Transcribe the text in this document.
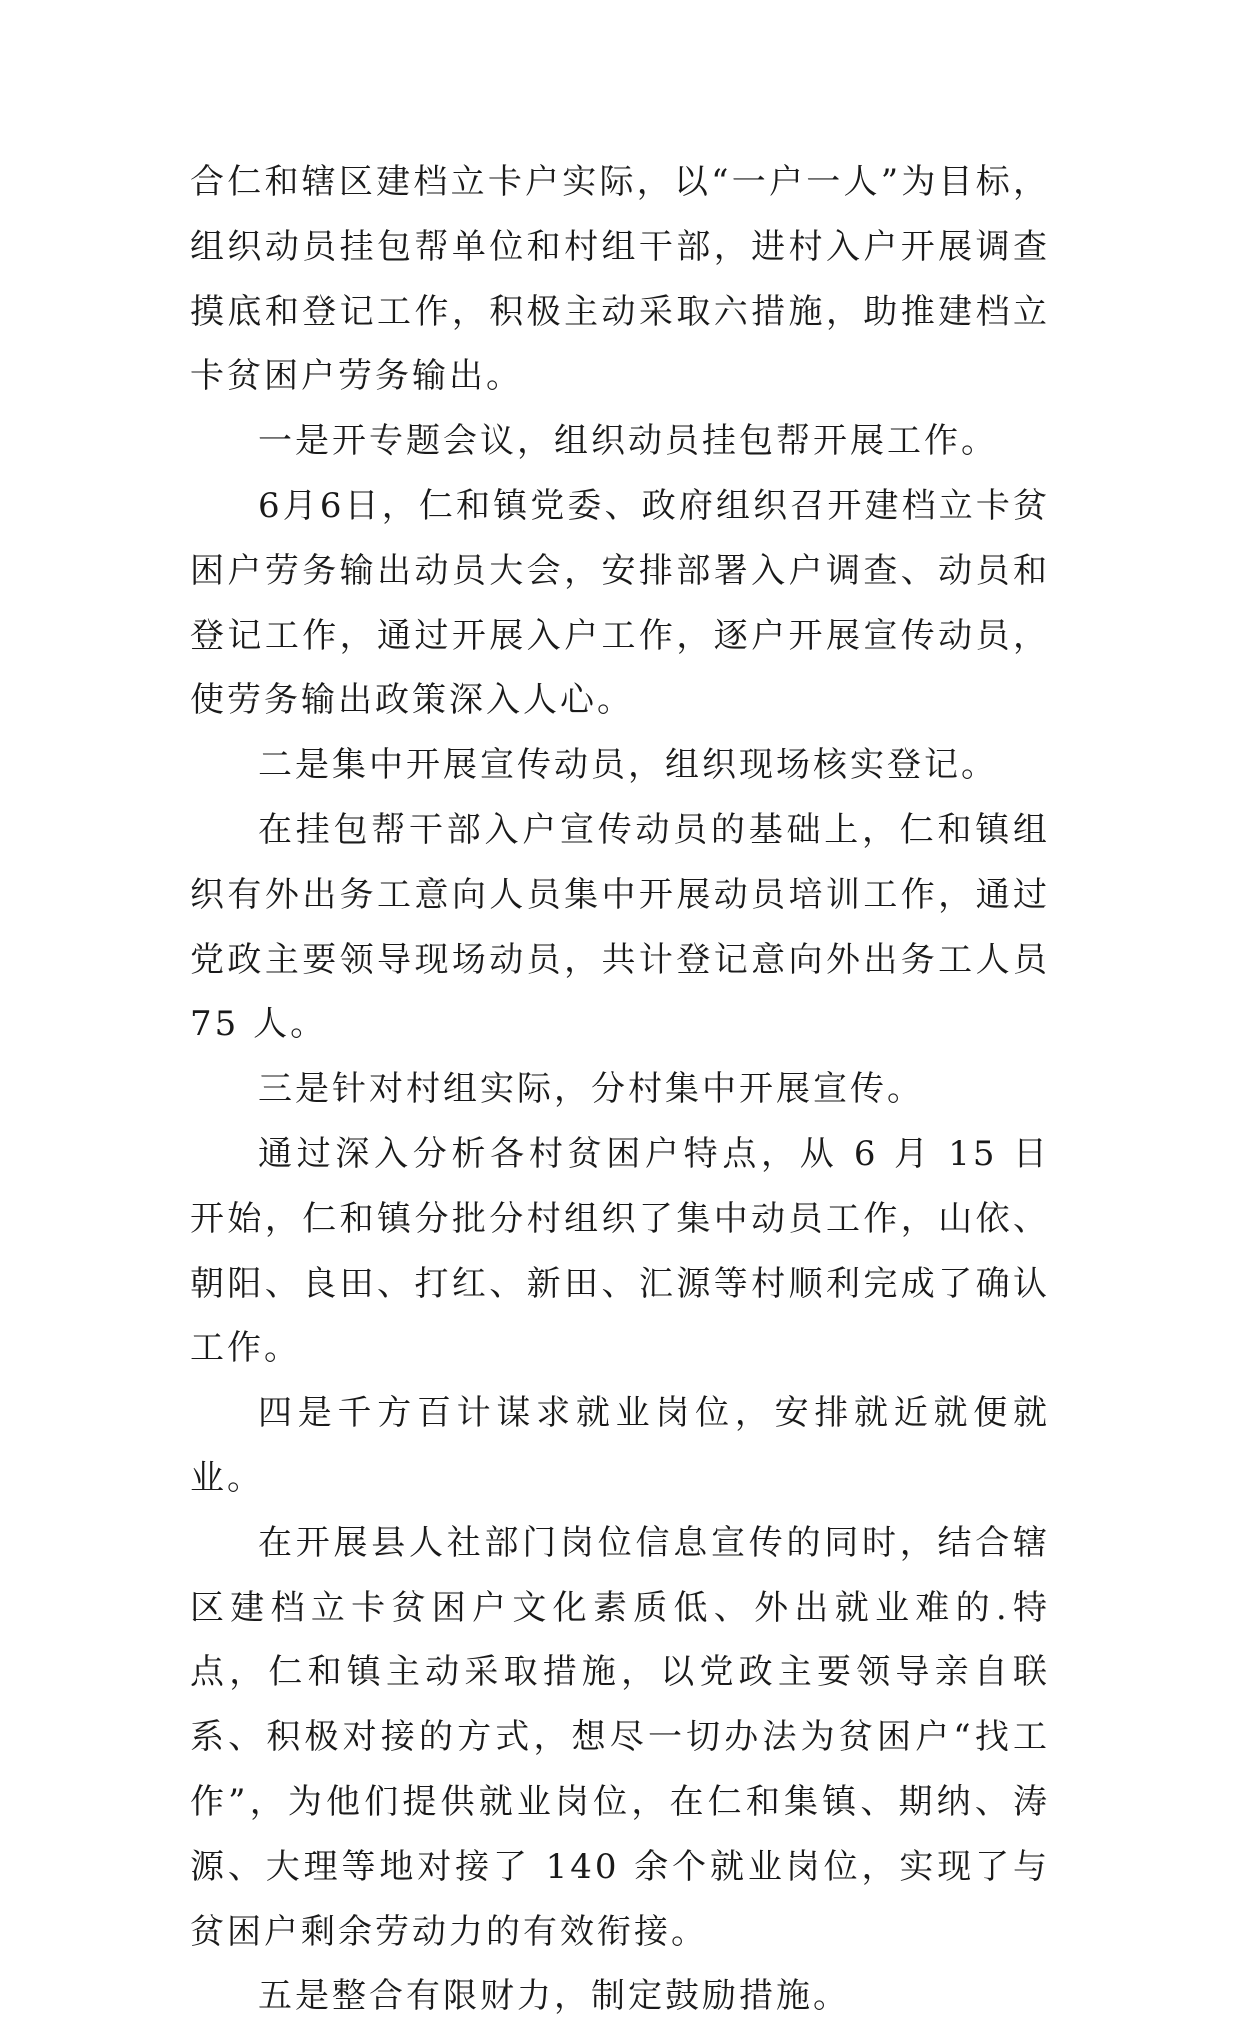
合仁和辖区建档立卡户实际，以“一户一人”为目标，组织动员挂包帮单位和村组干部，进村入户开展调查摸底和登记工作，积极主动采取六措施，助推建档立卡贫困户劳务输出。

一是开专题会议，组织动员挂包帮开展工作。

6月6日，仁和镇党委、政府组织召开建档立卡贫困户劳务输出动员大会，安排部署入户调查、动员和登记工作，通过开展入户工作，逐户开展宣传动员，使劳务输出政策深入人心。

二是集中开展宣传动员，组织现场核实登记。

在挂包帮干部入户宣传动员的基础上，仁和镇组织有外出务工意向人员集中开展动员培训工作，通过党政主要领导现场动员，共计登记意向外出务工人员 75 人。

三是针对村组实际，分村集中开展宣传。

通过深入分析各村贫困户特点，从 6 月 15 日开始，仁和镇分批分村组织了集中动员工作，山依、朝阳、良田、打红、新田、汇源等村顺利完成了确认工作。

四是千方百计谋求就业岗位，安排就近就便就业。

在开展县人社部门岗位信息宣传的同时，结合辖区建档立卡贫困户文化素质低、外出就业难的.特点，仁和镇主动采取措施，以党政主要领导亲自联系、积极对接的方式，想尽一切办法为贫困户“找工作”，为他们提供就业岗位，在仁和集镇、期纳、涛源、大理等地对接了 140 余个就业岗位，实现了与贫困户剩余劳动力的有效衔接。

五是整合有限财力，制定鼓励措施。
